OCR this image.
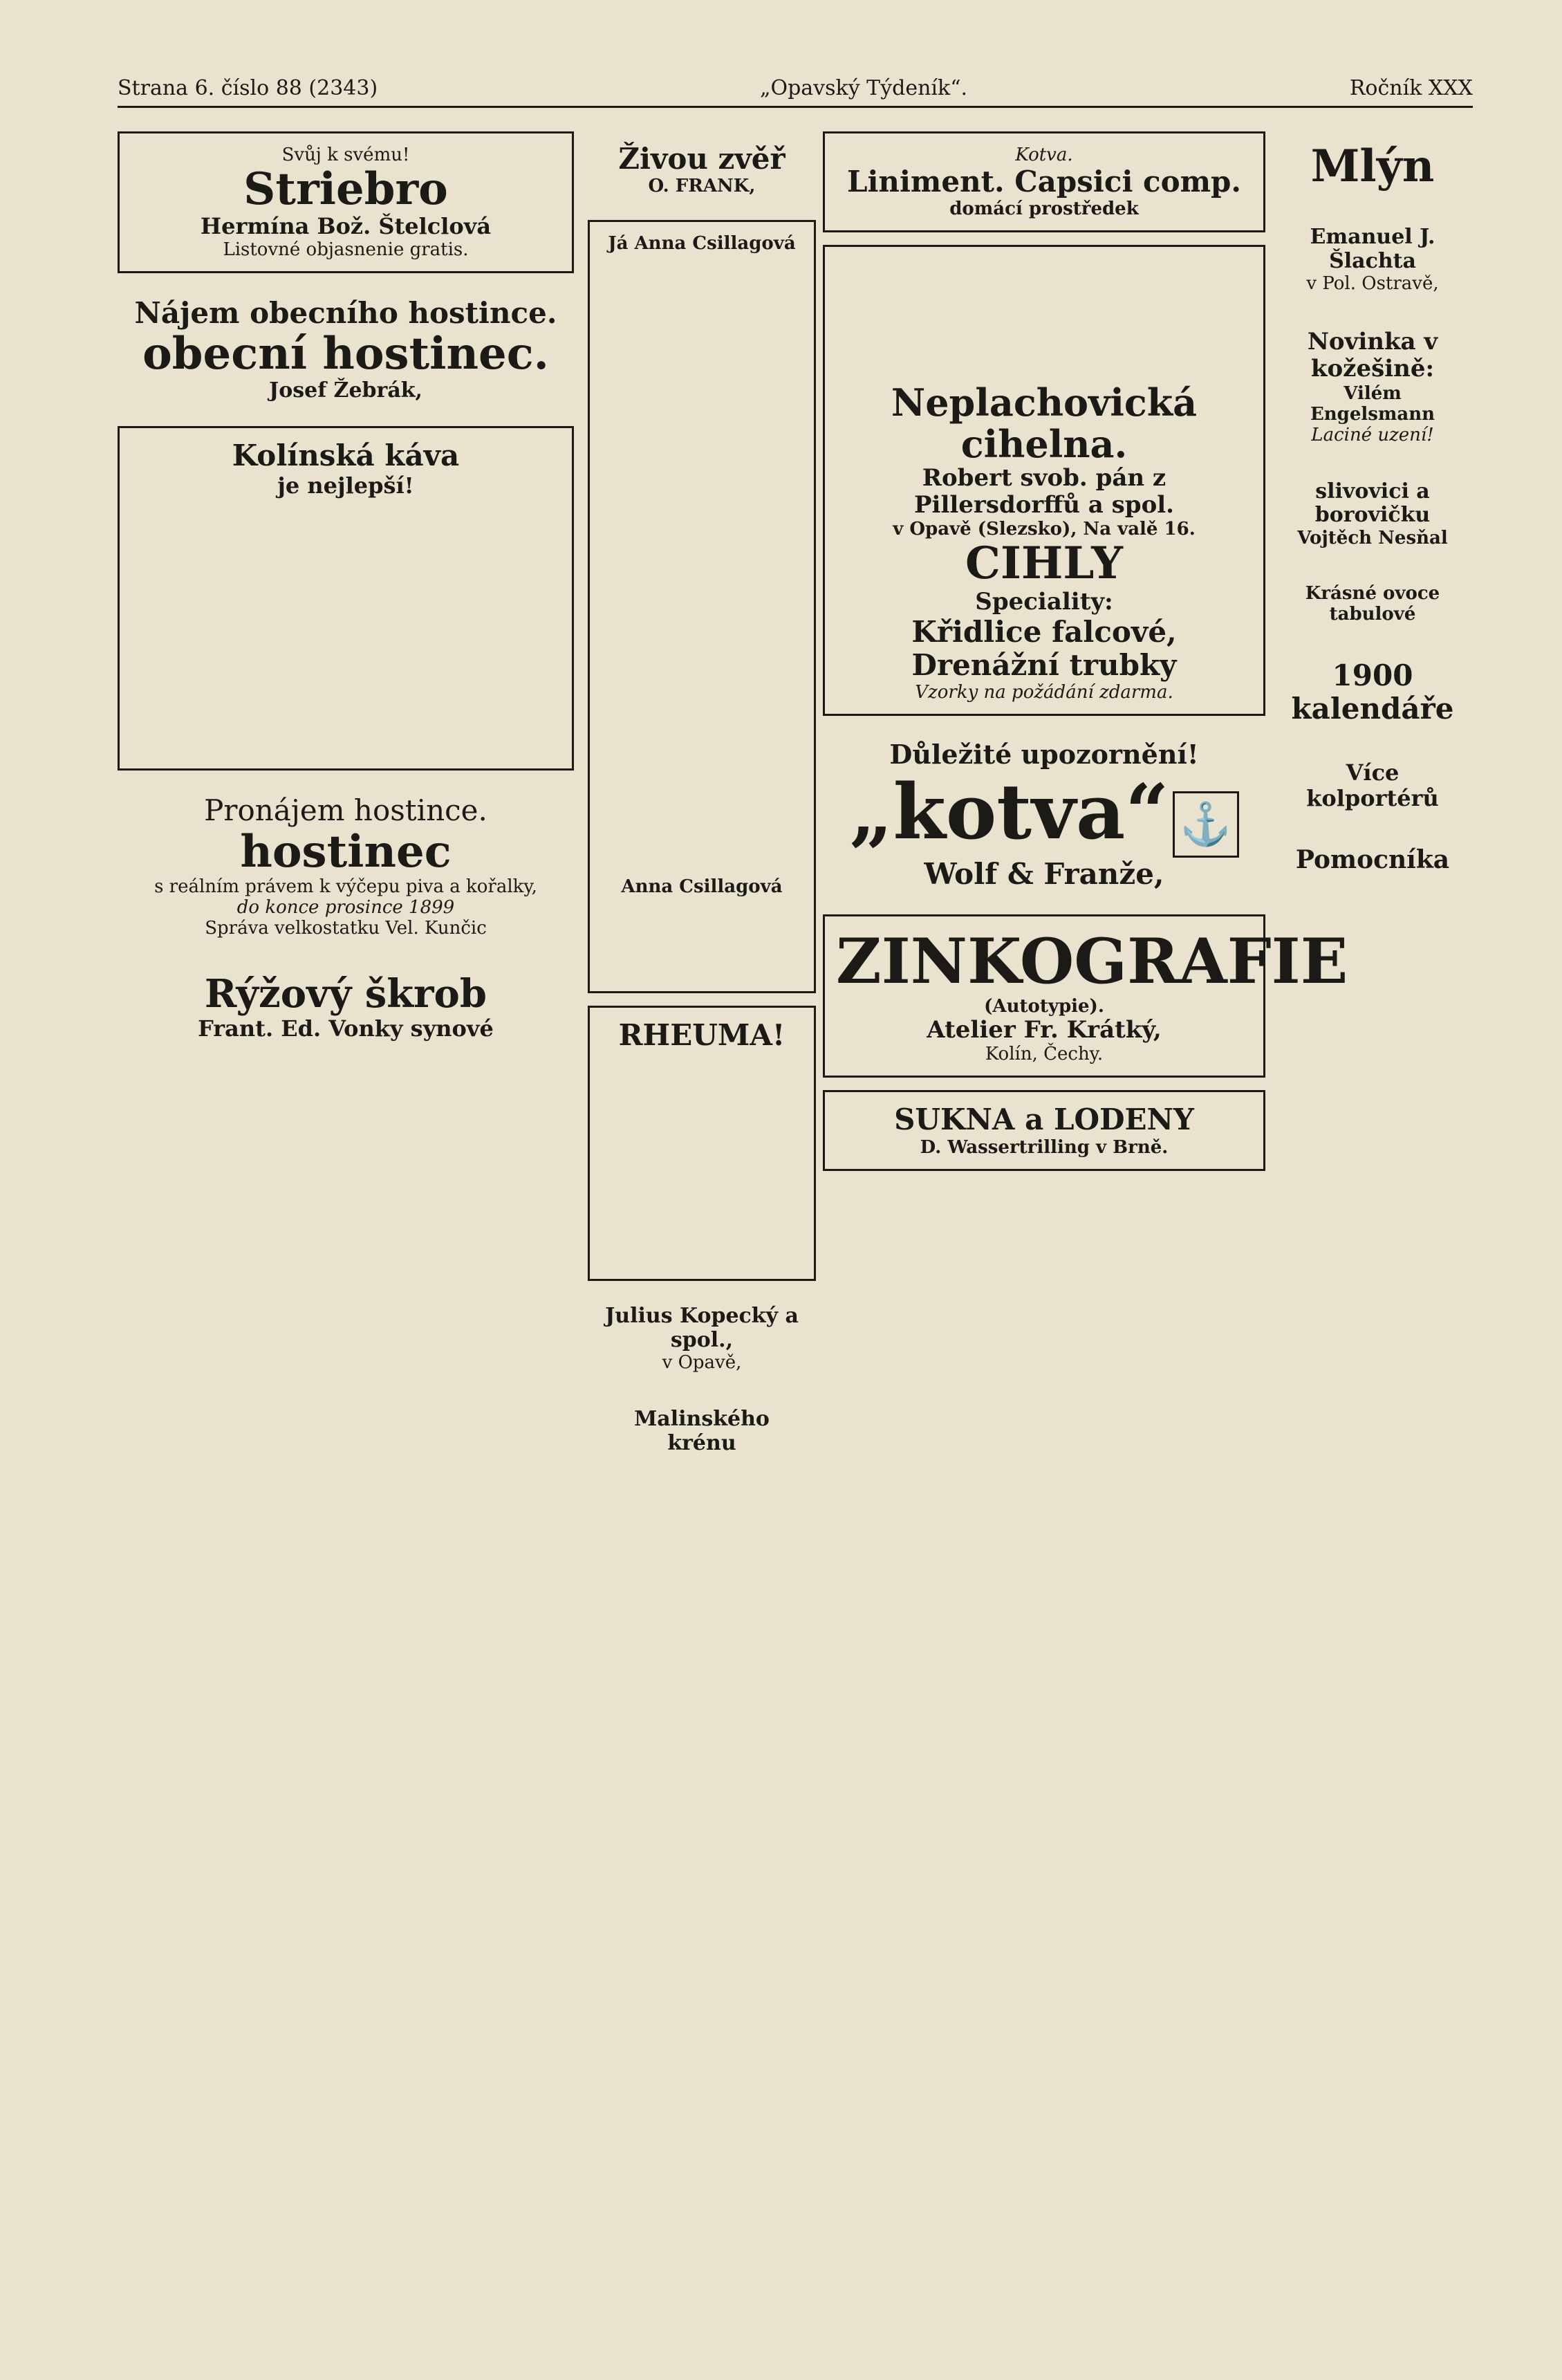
Strana 6. číslo 88 (2343)	„Opavský Týdeník“.	Ročník XXX
Svůj k svému!
Striebro
Hermína Bož. Štelclová
Listovné objasnenie gratis.
Nájem obecního hostince.
obecní hostinec.
Josef Žebrák,
Kolínská káva
je nejlepší!
Pronájem hostince.
hostinec
s reálním právem k výčepu piva a kořalky,
do konce prosince 1899
Správa velkostatku Vel. Kunčic
Rýžový škrob
Frant. Ed. Vonky synové
Živou zvěř
O. FRANK,
Já Anna Csillagová
Anna Csillagová
RHEUMA!
Julius Kopecký a spol.,
v Opavě,
Malinského krénu
Kotva.
Liniment. Capsici comp.
domácí prostředek
Neplachovická cihelna.
Robert svob. pán z Pillersdorffů a spol.
v Opavě (Slezsko), Na valě 16.
CIHLY
Speciality:
Křidlice falcové,
Drenážní trubky
Vzorky na požádání zdarma.
Důležité upozornění!
„kotva“ ⚓
Wolf & Franže,
ZINKOGRAFIE
(Autotypie).
Atelier Fr. Krátký,
Kolín, Čechy.
SUKNA a LODENY
D. Wassertrilling v Brně.
Mlýn
Emanuel J. Šlachta
v Pol. Ostravě,
Novinka v kožešině:
Vilém Engelsmann
Laciné uzení!
slivovici a borovičku
Vojtěch Nesňal
Krásné ovoce tabulové
1900
kalendáře
Více kolportérů
Pomocníka
